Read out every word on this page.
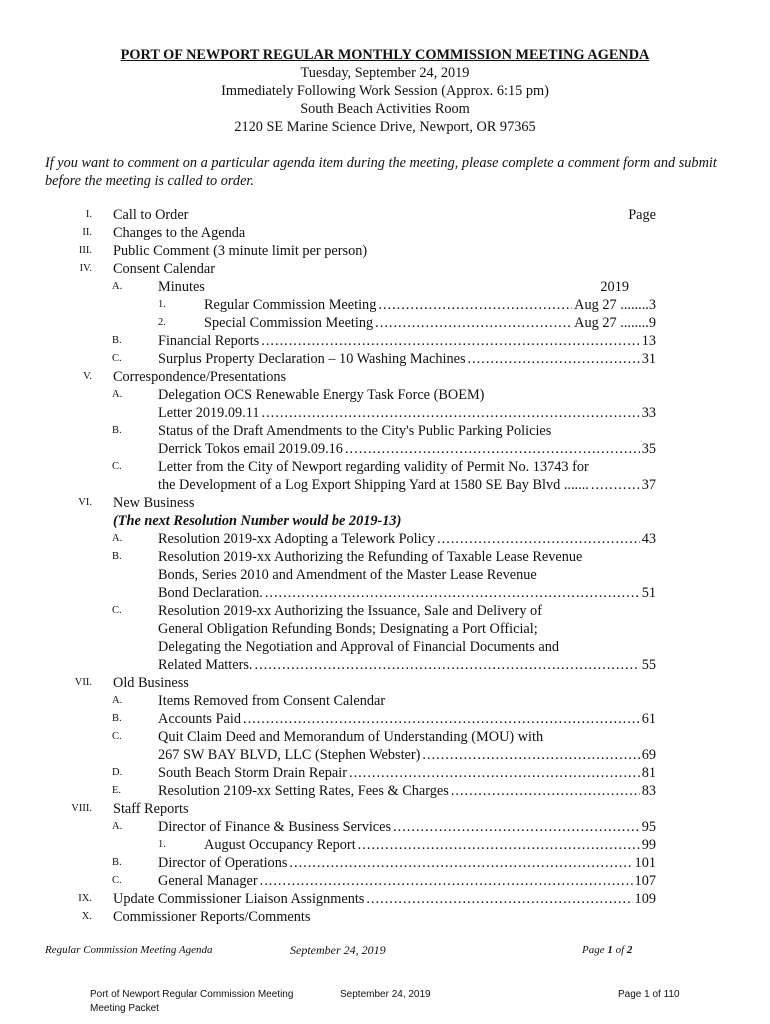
PORT OF NEWPORT REGULAR MONTHLY COMMISSION MEETING AGENDA
Tuesday, September 24, 2019
Immediately Following Work Session (Approx. 6:15 pm)
South Beach Activities Room
2120 SE Marine Science Drive, Newport, OR 97365
If you want to comment on a particular agenda item during the meeting, please complete a comment form and submit before the meeting is called to order.
I. Call to Order	Page
II. Changes to the Agenda
III. Public Comment (3 minute limit per person)
IV. Consent Calendar
A.	Minutes	2019
1.	Regular Commission Meeting .....	Aug 27 ........3
2.	Special Commission Meeting .....	Aug 27 ........9
B.	Financial Reports .....	13
C.	Surplus Property Declaration – 10 Washing Machines .....	31
V. Correspondence/Presentations
A.	Delegation OCS Renewable Energy Task Force (BOEM)
Letter 2019.09.11 .....	33
B.	Status of the Draft Amendments to the City's Public Parking Policies
Derrick Tokos email 2019.09.16 .....	35
C.	Letter from the City of Newport regarding validity of Permit No. 13743 for
the Development of a Log Export Shipping Yard at 1580 SE Bay Blvd ....... .....	37
VI. New Business
(The next Resolution Number would be 2019-13)
A.	Resolution 2019-xx Adopting a Telework Policy .....	43
B.	Resolution 2019-xx Authorizing the Refunding of Taxable Lease Revenue
Bonds, Series 2010 and Amendment of the Master Lease Revenue
Bond Declaration. .....	51
C.	Resolution 2019-xx Authorizing the Issuance, Sale and Delivery of
General Obligation Refunding Bonds; Designating a Port Official;
Delegating the Negotiation and Approval of Financial Documents and
Related Matters. .....	55
VII. Old Business
A.	Items Removed from Consent Calendar
B.	Accounts Paid .....	61
C.	Quit Claim Deed and Memorandum of Understanding (MOU) with
267 SW BAY BLVD, LLC (Stephen Webster) .....	69
D.	South Beach Storm Drain Repair .....	81
E.	Resolution 2109-xx Setting Rates, Fees & Charges .....	83
VIII. Staff Reports
A.	Director of Finance & Business Services .....	95
1.	August Occupancy Report .....	99
B.	Director of Operations .....	101
C.	General Manager .....	107
IX. Update Commissioner Liaison Assignments .....	109
X. Commissioner Reports/Comments
Regular Commission Meeting Agenda	September 24, 2019	Page 1 of 2
Port of Newport Regular Commission Meeting
Meeting Packet
September 24, 2019	Page 1 of 110
